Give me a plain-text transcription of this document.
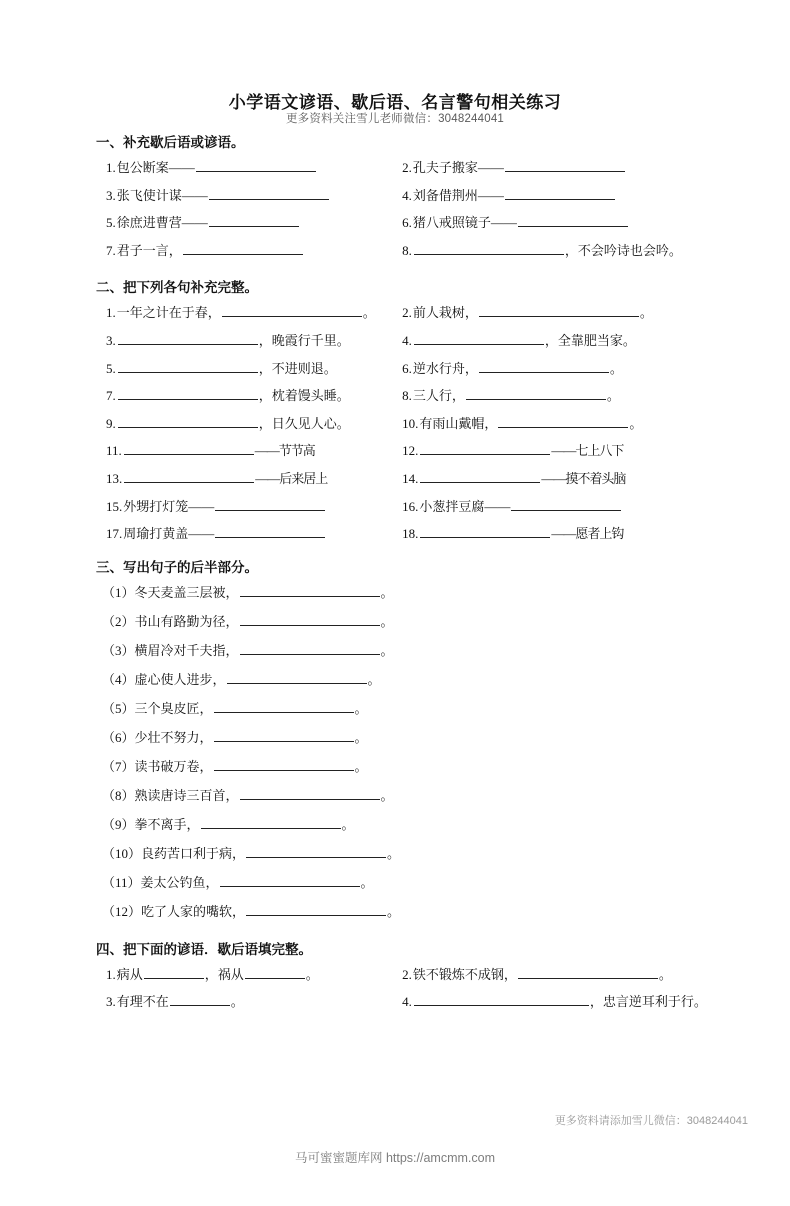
更多资料关注雪儿老师微信：3048244041
小学语文谚语、歇后语、名言警句相关练习
一、补充歇后语或谚语。
1. 包公断案——	2. 孔夫子搬家——
3. 张飞使计谋——	4. 刘备借荆州——
5. 徐庶进曹营——	6. 猪八戒照镜子——
7. 君子一言，	8.	，不会吟诗也会吟。
二、把下列各句补充完整。
1. 一年之计在于春，	。 2. 前人栽树，	。
3.	，晚霞行千里。	4.	，全靠肥当家。
5.	，不进则退。	6. 逆水行舟，	。
7.	，枕着馒头睡。	8. 三人行，	。
9.	，日久见人心。	10. 有雨山戴帽，	。
11.	——节节高	12.	——七上八下
13.	——后来居上	14.	——摸不着头脑
15. 外甥打灯笼——	16. 小葱拌豆腐——
17. 周瑜打黄盖——	18.	——愿者上钩
三、写出句子的后半部分。
（1） 冬天麦盖三层被，	。
（2） 书山有路勤为径，	。
（3） 横眉冷对千夫指，	。
（4） 虚心使人进步，	。
（5） 三个臭皮匠，	。
（6） 少壮不努力，	。
（7） 读书破万卷，	。
（8） 熟读唐诗三百首，	。
（9） 拳不离手，	。
（10） 良药苦口利于病，	。
（11） 姜太公钓鱼，	。
（12） 吃了人家的嘴软，	。
四、把下面的谚语．歇后语填完整。
1. 病从	，祸从	。	2. 铁不锻炼不成钢，	。
3. 有理不在	。	4.	，忠言逆耳利于行。
更多资料请添加雪儿微信：3048244041
马可蜜蜜题库网 https://amcmm.com
